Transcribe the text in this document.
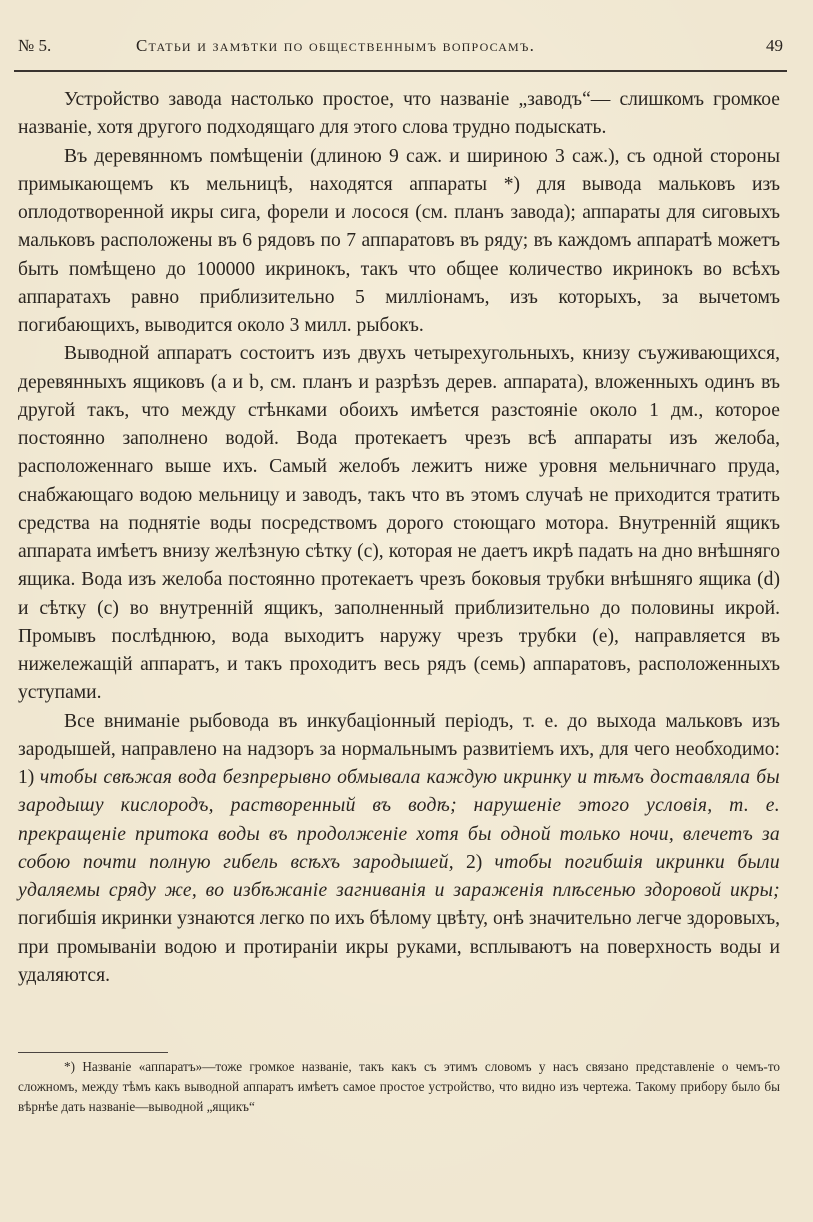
№ 5.	Статьи и замѣтки по общественнымъ вопросамъ.	49

Устройство завода настолько простое, что названіе „заводъ“— слишкомъ громкое названіе, хотя другого подходящаго для этого слова трудно подыскать.

Въ деревянномъ помѣщеніи (длиною 9 саж. и шириною 3 саж.), съ одной стороны примыкающемъ къ мельницѣ, находятся аппараты *) для вывода мальковъ изъ оплодотворенной икры сига, форели и лосося (см. планъ завода); аппараты для сиговыхъ мальковъ расположены въ 6 рядовъ по 7 аппаратовъ въ ряду; въ каждомъ аппаратѣ можетъ быть помѣщено до 100000 икринокъ, такъ что общее количество икринокъ во всѣхъ аппаратахъ равно приблизительно 5 милліонамъ, изъ которыхъ, за вычетомъ погибающихъ, выводится около 3 милл. рыбокъ.

Выводной аппаратъ состоитъ изъ двухъ четырехугольныхъ, книзу съуживающихся, деревянныхъ ящиковъ (a и b, см. планъ и разрѣзъ дерев. аппарата), вложенныхъ одинъ въ другой такъ, что между стѣнками обоихъ имѣется разстояніе около 1 дм., которое постоянно заполнено водой. Вода протекаетъ чрезъ всѣ аппараты изъ желоба, расположеннаго выше ихъ. Самый желобъ лежитъ ниже уровня мельничнаго пруда, снабжающаго водою мельницу и заводъ, такъ что въ этомъ случаѣ не приходится тратить средства на поднятіе воды посредствомъ дорого стоющаго мотора. Внутренній ящикъ аппарата имѣетъ внизу желѣзную сѣтку (c), которая не даетъ икрѣ падать на дно внѣшняго ящика. Вода изъ желоба постоянно протекаетъ чрезъ боковыя трубки внѣшняго ящика (d) и сѣтку (c) во внутренній ящикъ, заполненный приблизительно до половины икрой. Промывъ послѣднюю, вода выходитъ наружу чрезъ трубки (e), направляется въ нижележащій аппаратъ, и такъ проходитъ весь рядъ (семь) аппаратовъ, расположенныхъ уступами.

Все вниманіе рыбовода въ инкубаціонный періодъ, т. е. до выхода мальковъ изъ зародышей, направлено на надзоръ за нормальнымъ развитіемъ ихъ, для чего необходимо: 1) чтобы свѣжая вода безпрерывно обмывала каждую икринку и тѣмъ доставляла бы зародышу кислородъ, растворенный въ водѣ; нарушеніе этого условія, т. е. прекращеніе притока воды въ продолженіе хотя бы одной только ночи, влечетъ за собою почти полную гибель всѣхъ зародышей, 2) чтобы погибшія икринки были удаляемы сряду же, во избѣжаніе загниванія и зараженія плѣсенью здоровой икры; погибшія икринки узнаются легко по ихъ бѣлому цвѣту, онѣ значительно легче здоровыхъ, при промываніи водою и протираніи икры руками, всплываютъ на поверхность воды и удаляются.

*) Названіе «аппаратъ»—тоже громкое названіе, такъ какъ съ этимъ словомъ у насъ связано представленіе о чемъ-то сложномъ, между тѣмъ какъ выводной аппаратъ имѣетъ самое простое устройство, что видно изъ чертежа. Такому прибору было бы вѣрнѣе дать названіе—выводной „ящикъ“
